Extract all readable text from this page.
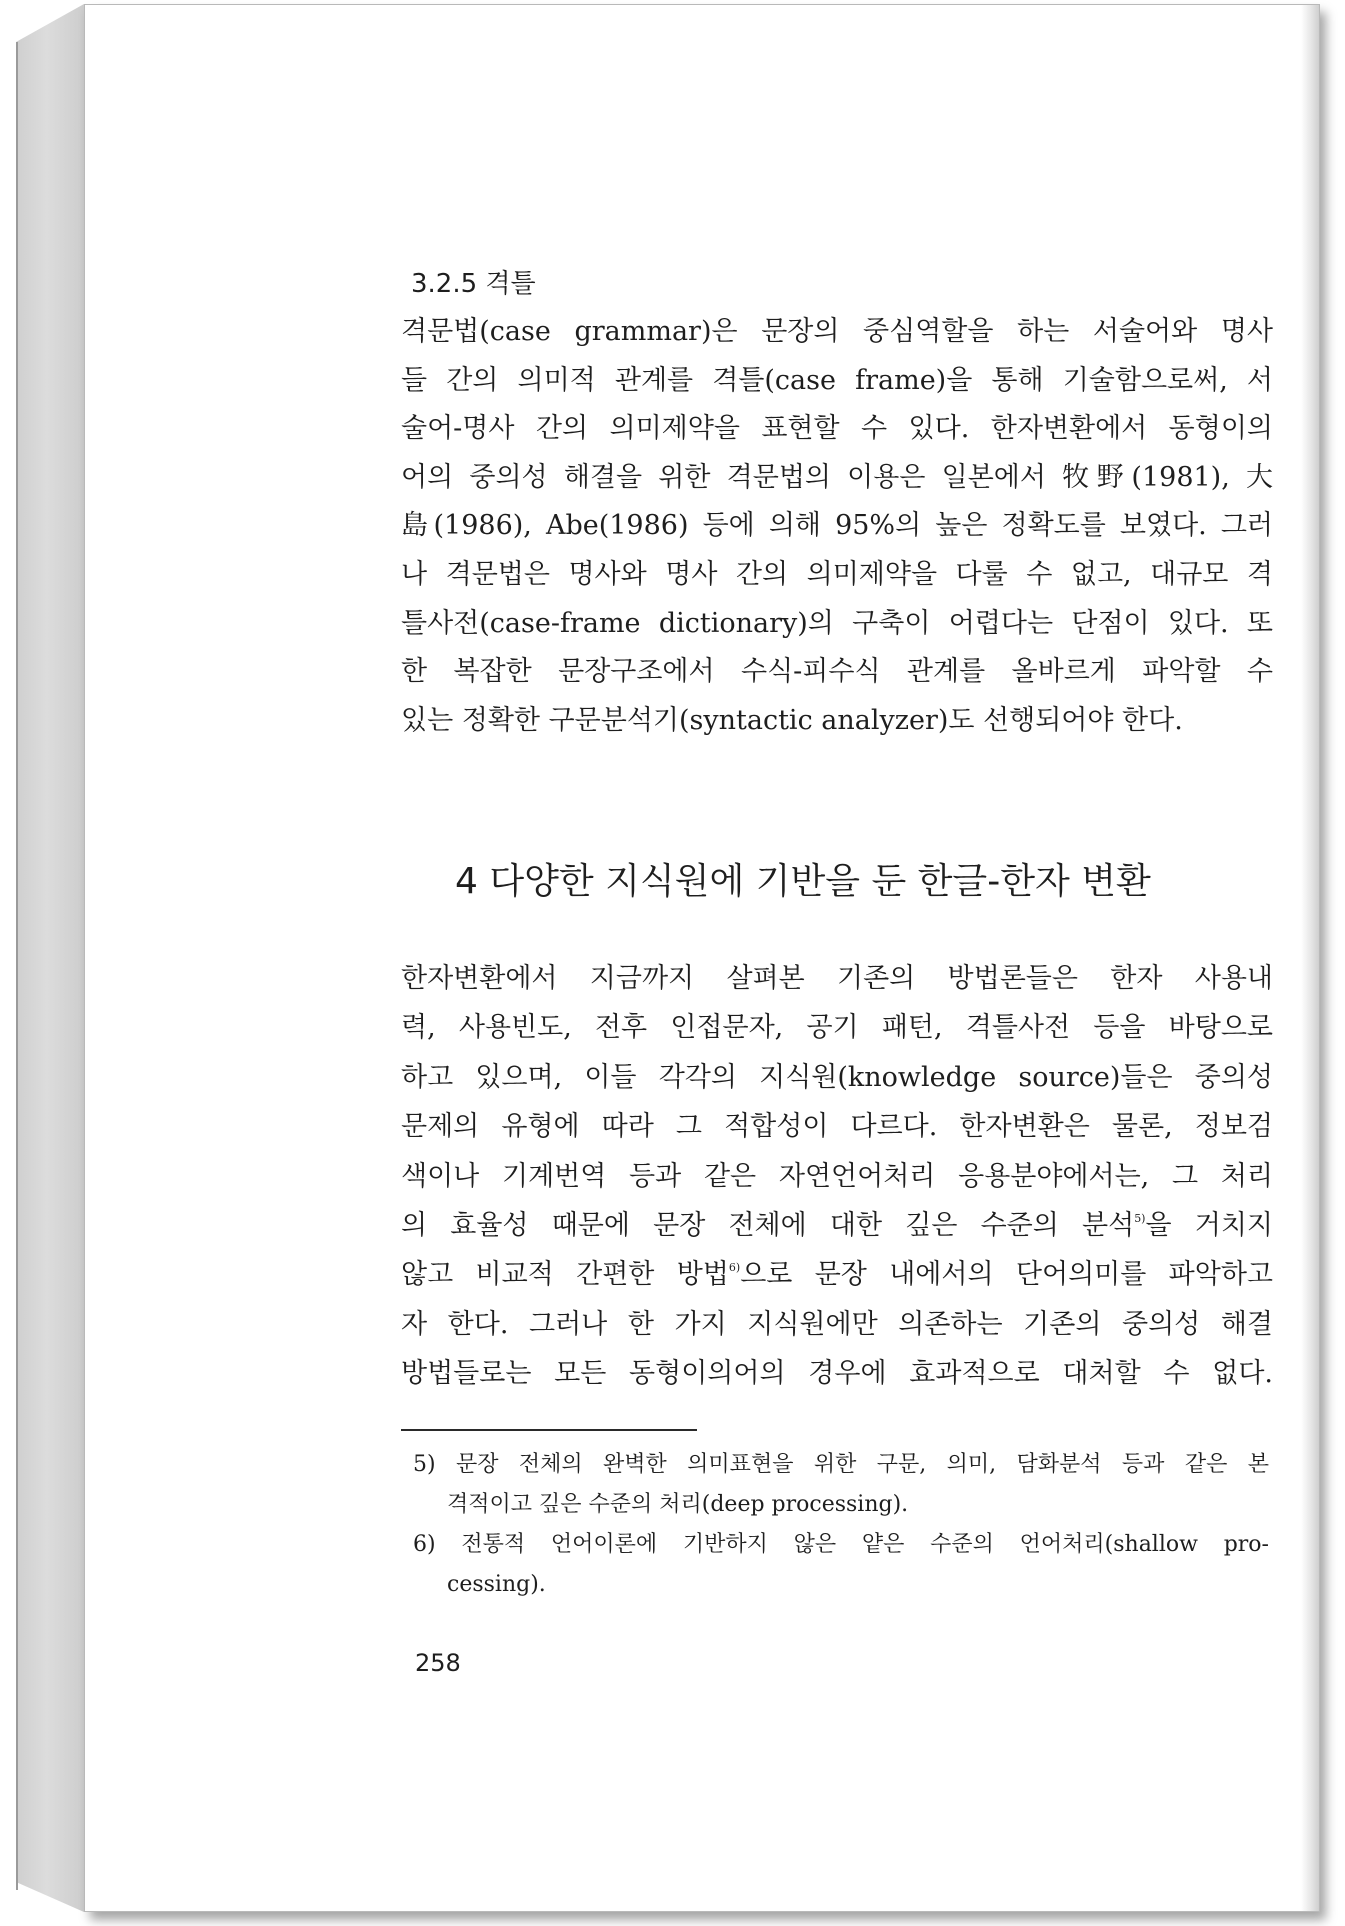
3.2.5 격틀
격문법(case grammar)은 문장의 중심역할을 하는 서술어와 명사
들 간의 의미적 관계를 격틀(case frame)을 통해 기술함으로써, 서
술어-명사 간의 의미제약을 표현할 수 있다. 한자변환에서 동형이의
어의 중의성 해결을 위한 격문법의 이용은 일본에서 牧野(1981), 大
島(1986), Abe(1986) 등에 의해 95%의 높은 정확도를 보였다. 그러
나 격문법은 명사와 명사 간의 의미제약을 다룰 수 없고, 대규모 격
틀사전(case-frame dictionary)의 구축이 어렵다는 단점이 있다. 또
한 복잡한 문장구조에서 수식-피수식 관계를 올바르게 파악할 수
있는 정확한 구문분석기(syntactic analyzer)도 선행되어야 한다.
4 다양한 지식원에 기반을 둔 한글-한자 변환
한자변환에서 지금까지 살펴본 기존의 방법론들은 한자 사용내
력, 사용빈도, 전후 인접문자, 공기 패턴, 격틀사전 등을 바탕으로
하고 있으며, 이들 각각의 지식원(knowledge source)들은 중의성
문제의 유형에 따라 그 적합성이 다르다. 한자변환은 물론, 정보검
색이나 기계번역 등과 같은 자연언어처리 응용분야에서는, 그 처리
의 효율성 때문에 문장 전체에 대한 깊은 수준의 분석$^{5)}$을 거치지
않고 비교적 간편한 방법$^{6)}$으로 문장 내에서의 단어의미를 파악하고
자 한다. 그러나 한 가지 지식원에만 의존하는 기존의 중의성 해결
방법들로는 모든 동형이의어의 경우에 효과적으로 대처할 수 없다.

5) 문장 전체의 완벽한 의미표현을 위한 구문, 의미, 담화분석 등과 같은 본
격적이고 깊은 수준의 처리(deep processing).

6) 전통적 언어이론에 기반하지 않은 얕은 수준의 언어처리(shallow pro-
cessing).

258
